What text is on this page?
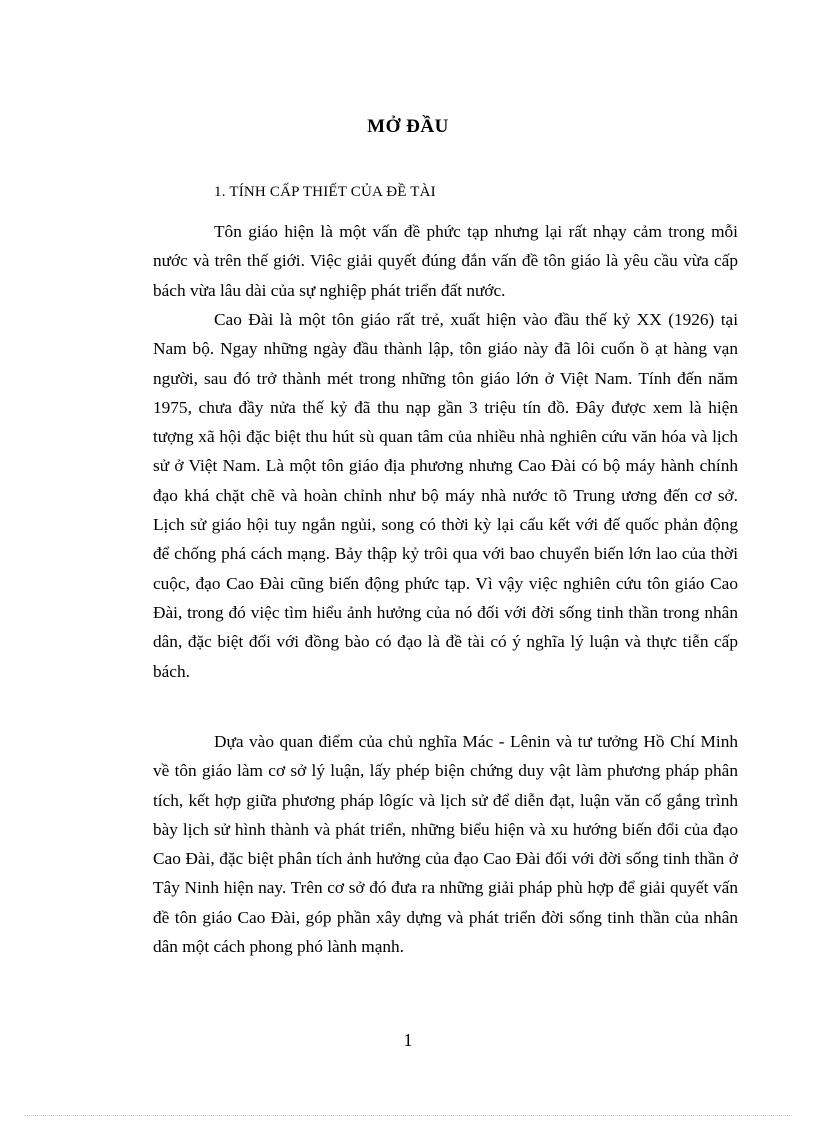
MỞ ĐẦU

1. TÍNH CẤP THIẾT CỦA ĐỀ TÀI

Tôn giáo hiện là một vấn đề phức tạp nhưng lại rất nhạy cảm trong mỗi nước và trên thế giới. Việc giải quyết đúng đắn vấn đề tôn giáo là yêu cầu vừa cấp bách vừa lâu dài của sự nghiệp phát triển đất nước.

Cao Đài là một tôn giáo rất trẻ, xuất hiện vào đầu thế kỷ XX (1926) tại Nam bộ. Ngay những ngày đầu thành lập, tôn giáo này đã lôi cuốn ồ ạt hàng vạn người, sau đó trở thành mét trong những tôn giáo lớn ở Việt Nam. Tính đến năm 1975, chưa đầy nửa thế kỷ đã thu nạp gần 3 triệu tín đồ. Đây được xem là hiện tượng xã hội đặc biệt thu hút sù quan tâm của nhiều nhà nghiên cứu văn hóa và lịch sử ở Việt Nam. Là một tôn giáo địa phương nhưng Cao Đài có bộ máy hành chính đạo khá chặt chẽ và hoàn chỉnh như bộ máy nhà nước tõ Trung ương đến cơ sở. Lịch sử giáo hội tuy ngắn ngủi, song có thời kỳ lại cấu kết với đế quốc phản động để chống phá cách mạng. Bảy thập kỷ trôi qua với bao chuyển biến lớn lao của thời cuộc, đạo Cao Đài cũng biến động phức tạp. Vì vậy việc nghiên cứu tôn giáo Cao Đài, trong đó việc tìm hiểu ảnh hưởng của nó đối với đời sống tinh thần trong nhân dân, đặc biệt đối với đồng bào có đạo là đề tài có ý nghĩa lý luận và thực tiễn cấp bách.

Dựa vào quan điểm của chủ nghĩa Mác - Lênin và tư tưởng Hồ Chí Minh về tôn giáo làm cơ sở lý luận, lấy phép biện chứng duy vật làm phương pháp phân tích, kết hợp giữa phương pháp lôgíc và lịch sử để diễn đạt, luận văn cố gắng trình bày lịch sử hình thành và phát triển, những biểu hiện và xu hướng biến đổi của đạo Cao Đài, đặc biệt phân tích ảnh hưởng của đạo Cao Đài đối với đời sống tinh thần ở Tây Ninh hiện nay. Trên cơ sở đó đưa ra những giải pháp phù hợp để giải quyết vấn đề tôn giáo Cao Đài, góp phần xây dựng và phát triển đời sống tinh thần của nhân dân một cách phong phó lành mạnh.

1
